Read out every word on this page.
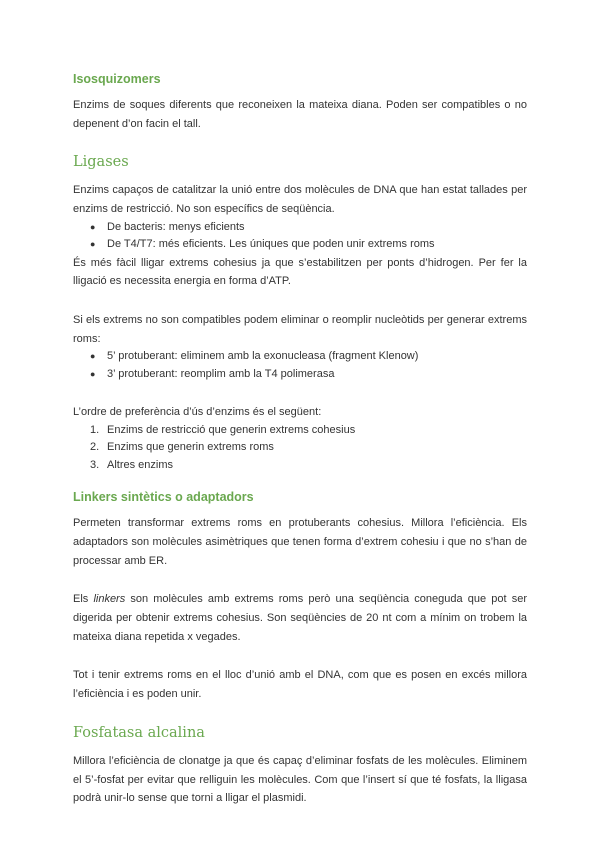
Isosquizomers

Enzims de soques diferents que reconeixen la mateixa diana. Poden ser compatibles o no depenent d’on facin el tall.

Ligases

Enzims capaços de catalitzar la unió entre dos molècules de DNA que han estat tallades per enzims de restricció. No son específics de seqüència.

● De bacteris: menys eficients
● De T4/T7: més eficients. Les úniques que poden unir extrems roms

És més fàcil lligar extrems cohesius ja que s’estabilitzen per ponts d’hidrogen. Per fer la lligació es necessita energia en forma d’ATP.

Si els extrems no son compatibles podem eliminar o reomplir nucleòtids per generar extrems roms:

● 5’ protuberant: eliminem amb la exonucleasa (fragment Klenow)
● 3’ protuberant: reomplim amb la T4 polimerasa

L’ordre de preferència d’ús d’enzims és el següent:

1. Enzims de restricció que generin extrems cohesius
2. Enzims que generin extrems roms
3. Altres enzims
Linkers sintètics o adaptadors

Permeten transformar extrems roms en protuberants cohesius. Millora l’eficiència. Els adaptadors son molècules asimètriques que tenen forma d’extrem cohesiu i que no s’han de processar amb ER.

Els linkers son molècules amb extrems roms però una seqüència coneguda que pot ser digerida per obtenir extrems cohesius. Son seqüències de 20 nt com a mínim on trobem la mateixa diana repetida x vegades.

Tot i tenir extrems roms en el lloc d’unió amb el DNA, com que es posen en excés millora l’eficiència i es poden unir.

Fosfatasa alcalina

Millora l’eficiència de clonatge ja que és capaç d’eliminar fosfats de les molècules. Eliminem el 5’-fosfat per evitar que relliguin les molècules. Com que l’insert sí que té fosfats, la lligasa podrà unir-lo sense que torni a lligar el plasmidi.
